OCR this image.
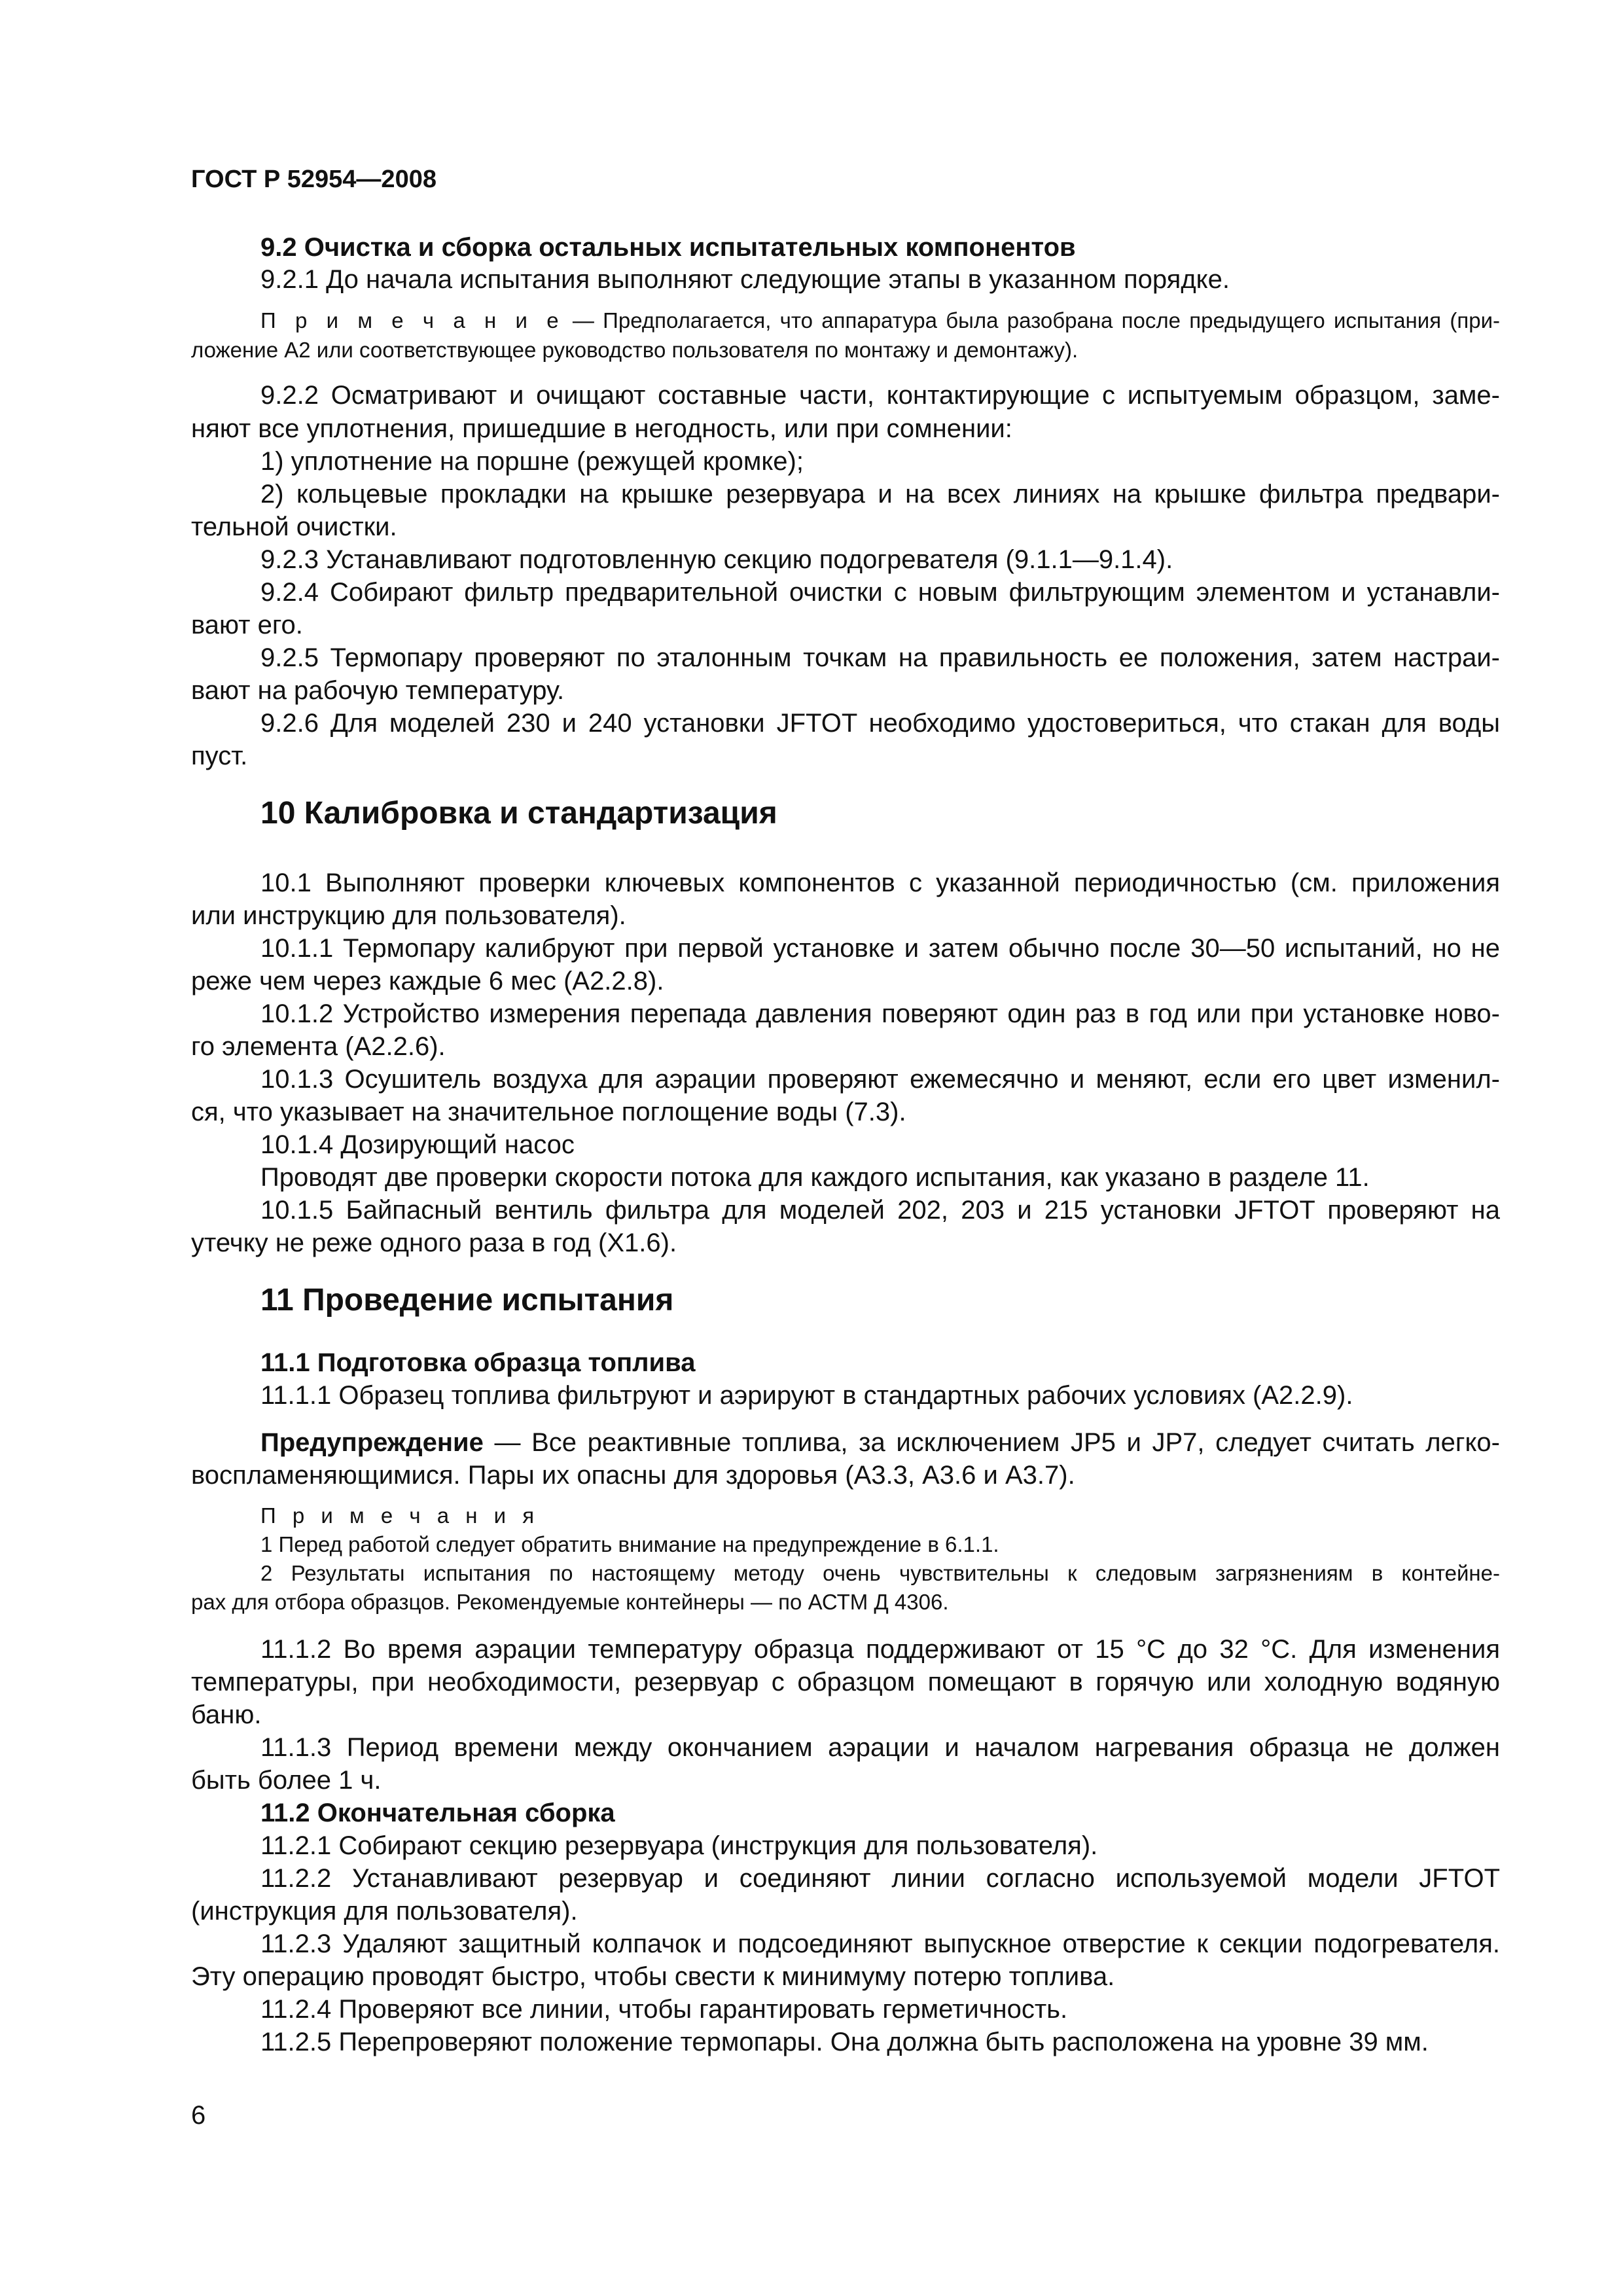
ГОСТ Р 52954—2008
9.2 Очистка и сборка остальных испытательных компонентов
9.2.1 До начала испытания выполняют следующие этапы в указанном порядке.
П р и м е ч а н и е — Предполагается, что аппаратура была разобрана после предыдущего испытания (при-
ложение А2 или соответствующее руководство пользователя по монтажу и демонтажу).
9.2.2 Осматривают и очищают составные части, контактирующие с испытуемым образцом, заме-
няют все уплотнения, пришедшие в негодность, или при сомнении:
1) уплотнение на поршне (режущей кромке);
2) кольцевые прокладки на крышке резервуара и на всех линиях на крышке фильтра предвари-
тельной очистки.
9.2.3 Устанавливают подготовленную секцию подогревателя (9.1.1—9.1.4).
9.2.4 Собирают фильтр предварительной очистки с новым фильтрующим элементом и устанавли-
вают его.
9.2.5 Термопару проверяют по эталонным точкам на правильность ее положения, затем настраи-
вают на рабочую температуру.
9.2.6 Для моделей 230 и 240 установки JFTOT необходимо удостовериться, что стакан для воды
пуст.
10 Калибровка и стандартизация
10.1 Выполняют проверки ключевых компонентов с указанной периодичностью (см. приложения
или инструкцию для пользователя).
10.1.1 Термопару калибруют при первой установке и затем обычно после 30—50 испытаний, но не
реже чем через каждые 6 мес (А2.2.8).
10.1.2 Устройство измерения перепада давления поверяют один раз в год или при установке ново-
го элемента (А2.2.6).
10.1.3 Осушитель воздуха для аэрации проверяют ежемесячно и меняют, если его цвет изменил-
ся, что указывает на значительное поглощение воды (7.3).
10.1.4 Дозирующий насос
Проводят две проверки скорости потока для каждого испытания, как указано в разделе 11.
10.1.5 Байпасный вентиль фильтра для моделей 202, 203 и 215 установки JFTOT проверяют на
утечку не реже одного раза в год (X1.6).
11 Проведение испытания
11.1 Подготовка образца топлива
11.1.1 Образец топлива фильтруют и аэрируют в стандартных рабочих условиях (А2.2.9).
Предупреждение — Все реактивные топлива, за исключением JP5 и JP7, следует считать легко-
воспламеняющимися. Пары их опасны для здоровья (А3.3, А3.6 и А3.7).
П р и м е ч а н и я
1 Перед работой следует обратить внимание на предупреждение в 6.1.1.
2 Результаты испытания по настоящему методу очень чувствительны к следовым загрязнениям в контейне-
рах для отбора образцов. Рекомендуемые контейнеры — по АСТМ Д 4306.
11.1.2 Во время аэрации температуру образца поддерживают от 15 °С до 32 °С. Для изменения
температуры, при необходимости, резервуар с образцом помещают в горячую или холодную водяную
баню.
11.1.3 Период времени между окончанием аэрации и началом нагревания образца не должен
быть более 1 ч.
11.2 Окончательная сборка
11.2.1 Собирают секцию резервуара (инструкция для пользователя).
11.2.2 Устанавливают резервуар и соединяют линии согласно используемой модели JFTOT
(инструкция для пользователя).
11.2.3 Удаляют защитный колпачок и подсоединяют выпускное отверстие к секции подогревателя.
Эту операцию проводят быстро, чтобы свести к минимуму потерю топлива.
11.2.4 Проверяют все линии, чтобы гарантировать герметичность.
11.2.5 Перепроверяют положение термопары. Она должна быть расположена на уровне 39 мм.
6
